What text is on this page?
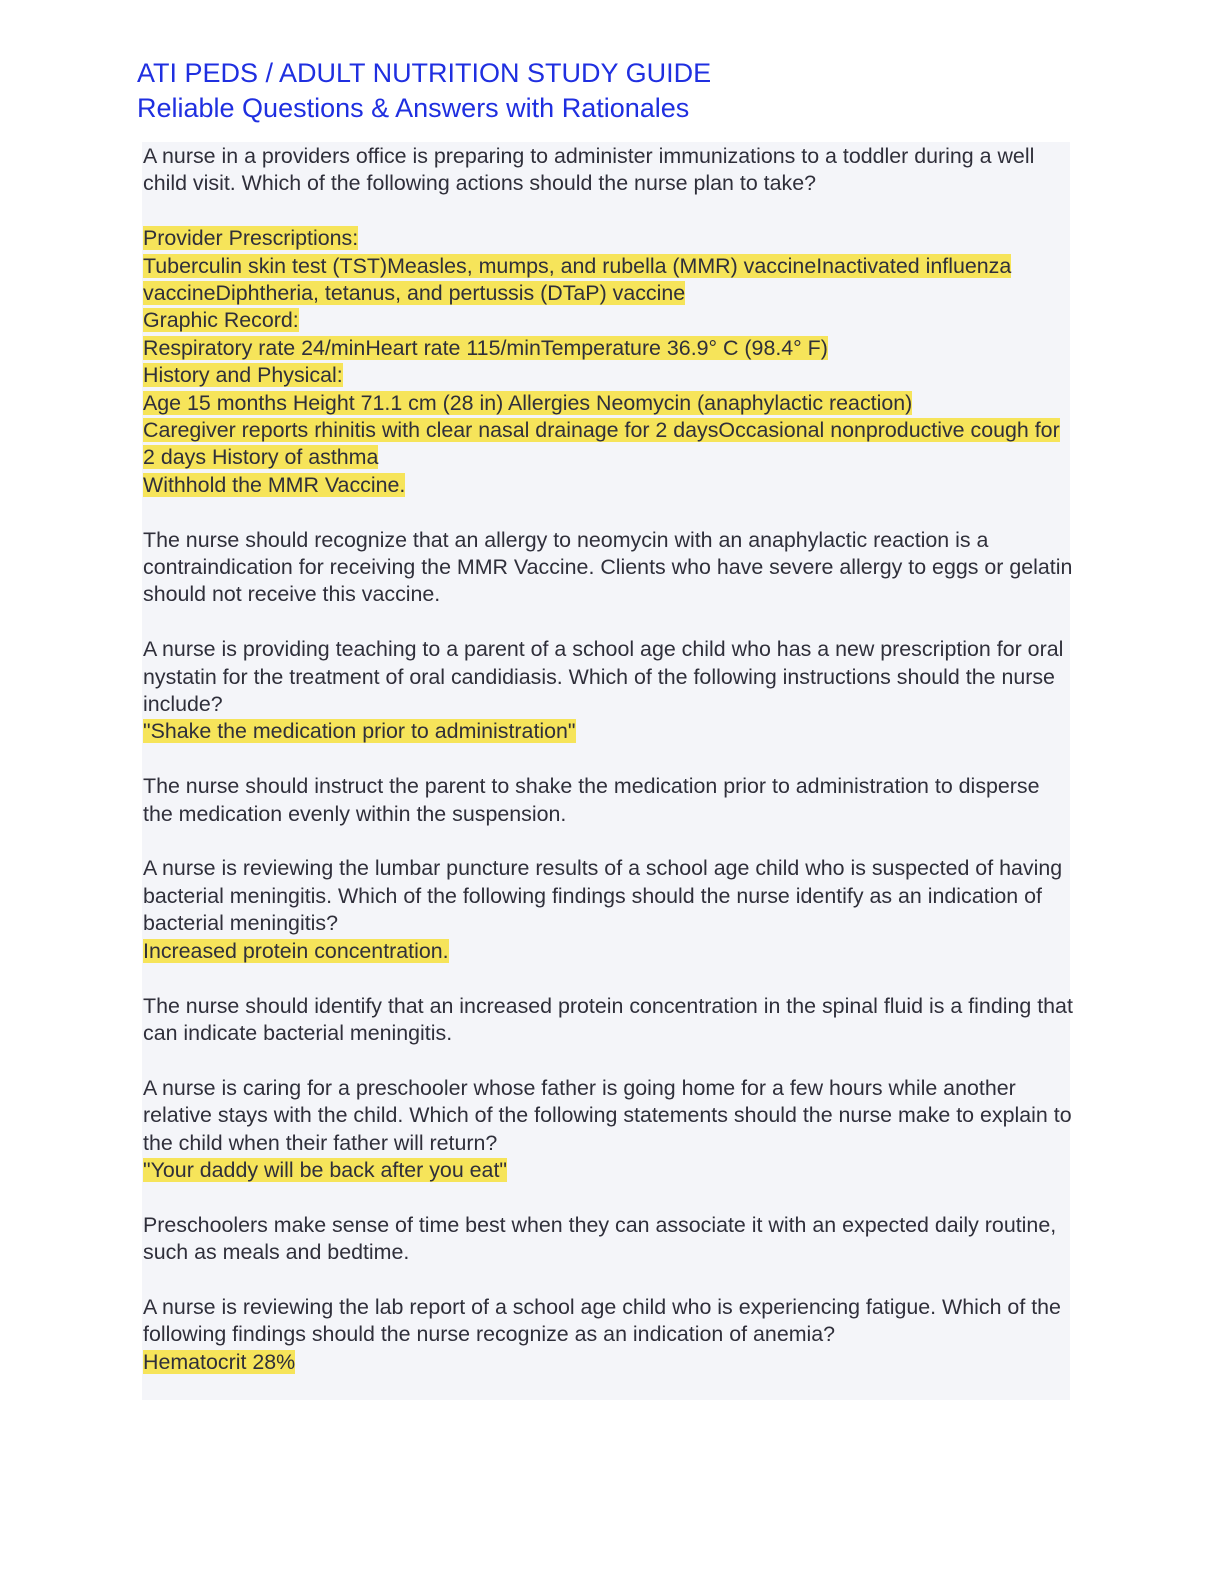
ATI PEDS / ADULT NUTRITION STUDY GUIDE
Reliable Questions & Answers with Rationales

A nurse in a providers office is preparing to administer immunizations to a toddler during a well child visit. Which of the following actions should the nurse plan to take?

Provider Prescriptions:

Tuberculin skin test (TST)Measles, mumps, and rubella (MMR) vaccineInactivated influenza vaccineDiphtheria, tetanus, and pertussis (DTaP) vaccine

Graphic Record:

Respiratory rate 24/minHeart rate 115/minTemperature 36.9° C (98.4° F)

History and Physical:

Age 15 months Height 71.1 cm (28 in) Allergies Neomycin (anaphylactic reaction)

Caregiver reports rhinitis with clear nasal drainage for 2 daysOccasional nonproductive cough for 2 days History of asthma

Withhold the MMR Vaccine.

The nurse should recognize that an allergy to neomycin with an anaphylactic reaction is a contraindication for receiving the MMR Vaccine. Clients who have severe allergy to eggs or gelatin should not receive this vaccine.

A nurse is providing teaching to a parent of a school age child who has a new prescription for oral nystatin for the treatment of oral candidiasis. Which of the following instructions should the nurse include?

"Shake the medication prior to administration"

The nurse should instruct the parent to shake the medication prior to administration to disperse the medication evenly within the suspension.

A nurse is reviewing the lumbar puncture results of a school age child who is suspected of having bacterial meningitis. Which of the following findings should the nurse identify as an indication of bacterial meningitis?

Increased protein concentration.

The nurse should identify that an increased protein concentration in the spinal fluid is a finding that can indicate bacterial meningitis.

A nurse is caring for a preschooler whose father is going home for a few hours while another relative stays with the child. Which of the following statements should the nurse make to explain to the child when their father will return?

"Your daddy will be back after you eat"

Preschoolers make sense of time best when they can associate it with an expected daily routine, such as meals and bedtime.

A nurse is reviewing the lab report of a school age child who is experiencing fatigue. Which of the following findings should the nurse recognize as an indication of anemia?

Hematocrit 28%
